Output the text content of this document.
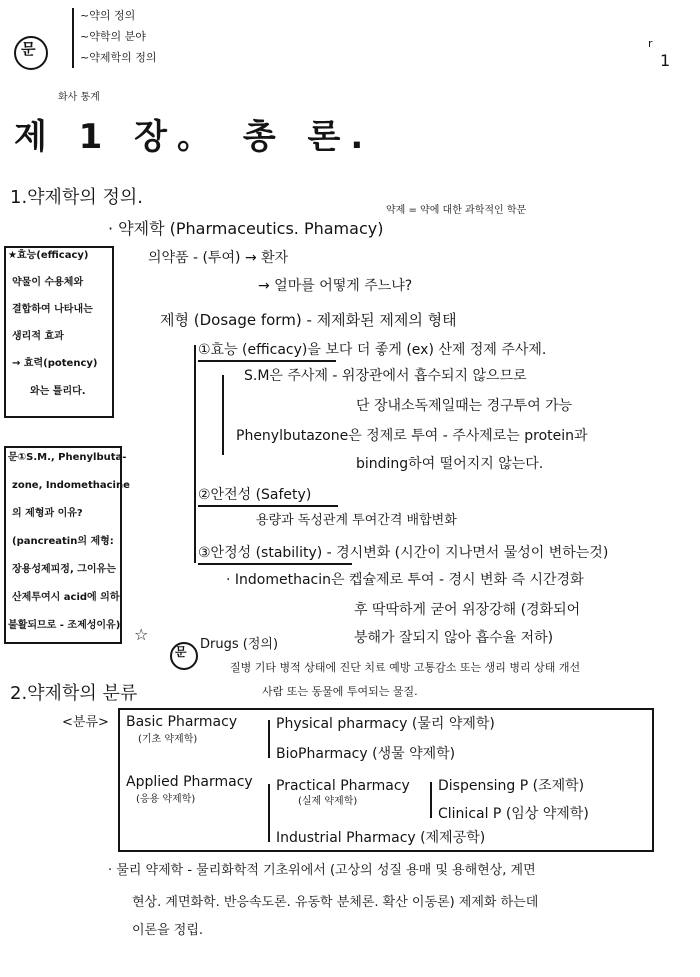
문
~약의 정의
~약학의 분야
~약제학의 정의
r
1
화사 통계
제 1 장。 총 론.
1.약제학의 정의.
약제 = 약에 대한 과학적인 학문
· 약제학 (Pharmaceutics. Phamacy)
의약품 - (투여) → 환자
→ 얼마를 어떻게 주느냐?
제형 (Dosage form) - 제제화된 제제의 형태
①효능 (efficacy)을 보다 더 좋게 (ex) 산제 정제 주사제.
S.M은 주사제 - 위장관에서 흡수되지 않으므로
단 장내소독제일때는 경구투여 가능
Phenylbutazone은 정제로 투여 - 주사제로는 protein과
binding하여 떨어지지 않는다.
②안전성 (Safety)
용량과 독성관계 투여간격 배합변화
③안정성 (stability) - 경시변화 (시간이 지나면서 물성이 변하는것)
· Indomethacin은 켑슐제로 투여 - 경시 변화 즉 시간경화
후 딱딱하게 굳어 위장강해 (경화되어
붕해가 잘되지 않아 흡수율 저하)
★효능(efficacy)
약물이 수용체와
결합하여 나타내는
생리적 효과
→ 효력(potency)
와는 틀리다.
문①S.M., Phenylbuta-
zone, Indomethacine
의 제형과 이유?
(pancreatin의 제형:
장용성제피정, 그이유는
산제투여시 acid에 의하
불활되므로 - 조제성이유) ☆
문 Drugs (정의)
질병 기타 병적 상태에 진단 치료 예방 고통감소 또는 생리 병리 상태 개선
사람 또는 동물에 투여되는 물질.
2.약제학의 분류
<분류> Basic Pharmacy
(기초 약제학)
Physical pharmacy (물리 약제학)
BioPharmacy (생물 약제학)
Applied Pharmacy
(응용 약제학)
Practical Pharmacy
(실제 약제학)
Dispensing P (조제학)
Clinical P (임상 약제학)
Industrial Pharmacy (제제공학)
· 물리 약제학 - 물리화학적 기초위에서 (고상의 성질 용매 및 용해현상, 계면
현상. 계면화학. 반응속도론. 유동학 분체론. 확산 이동론) 제제화 하는데
이론을 정립.
